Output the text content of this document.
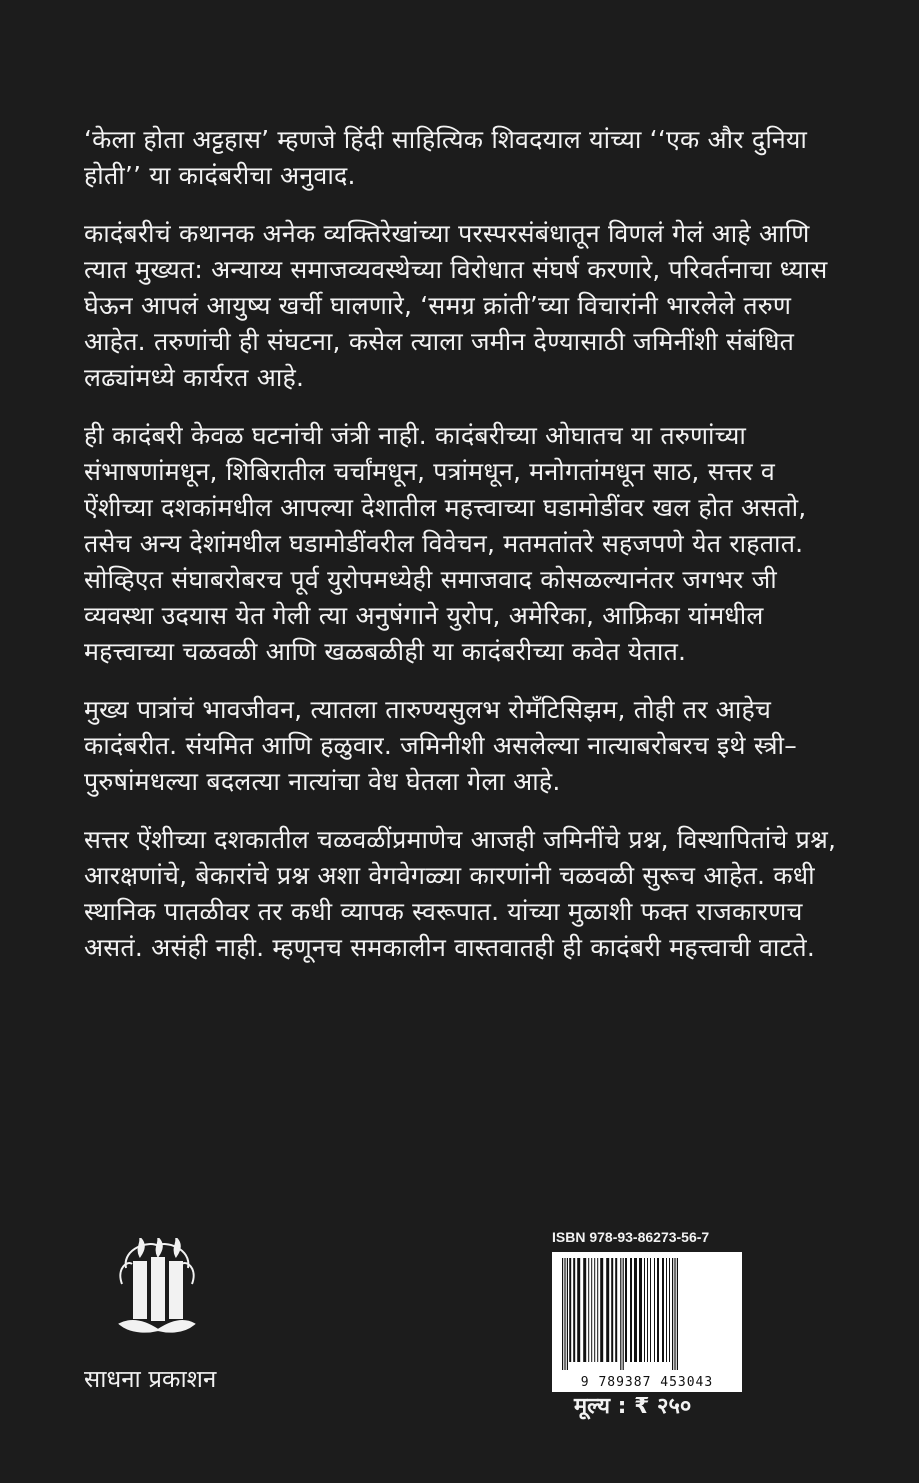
‘केला होता अट्टहास’ म्हणजे हिंदी साहित्यिक शिवदयाल यांच्या ‘‘एक और दुनिया होती’’ या कादंबरीचा अनुवाद.

कादंबरीचं कथानक अनेक व्यक्तिरेखांच्या परस्परसंबंधातून विणलं गेलं आहे आणि त्यात मुख्यत: अन्याय्य समाजव्यवस्थेच्या विरोधात संघर्ष करणारे, परिवर्तनाचा ध्यास घेऊन आपलं आयुष्य खर्ची घालणारे, ‘समग्र क्रांती’च्या विचारांनी भारलेले तरुण आहेत. तरुणांची ही संघटना, कसेल त्याला जमीन देण्यासाठी जमिनींशी संबंधित लढ्यांमध्ये कार्यरत आहे.

ही कादंबरी केवळ घटनांची जंत्री नाही. कादंबरीच्या ओघातच या तरुणांच्या संभाषणांमधून, शिबिरातील चर्चांमधून, पत्रांमधून, मनोगतांमधून साठ, सत्तर व ऐंशीच्या दशकांमधील आपल्या देशातील महत्त्वाच्या घडामोडींवर खल होत असतो, तसेच अन्य देशांमधील घडामोडींवरील विवेचन, मतमतांतरे सहजपणे येत राहतात. सोव्हिएत संघाबरोबरच पूर्व युरोपमध्येही समाजवाद कोसळल्यानंतर जगभर जी व्यवस्था उदयास येत गेली त्या अनुषंगाने युरोप, अमेरिका, आफ्रिका यांमधील महत्त्वाच्या चळवळी आणि खळबळीही या कादंबरीच्या कवेत येतात.

मुख्य पात्रांचं भावजीवन, त्यातला तारुण्यसुलभ रोमँटिसिझम, तोही तर आहेच कादंबरीत. संयमित आणि हळुवार. जमिनीशी असलेल्या नात्याबरोबरच इथे स्त्री–पुरुषांमधल्या बदलत्या नात्यांचा वेध घेतला गेला आहे.

सत्तर ऐंशीच्या दशकातील चळवळींप्रमाणेच आजही जमिनींचे प्रश्न, विस्थापितांचे प्रश्न, आरक्षणांचे, बेकारांचे प्रश्न अशा वेगवेगळ्या कारणांनी चळवळी सुरूच आहेत. कधी स्थानिक पातळीवर तर कधी व्यापक स्वरूपात. यांच्या मुळाशी फक्त राजकारणच असतं. असंही नाही. म्हणूनच समकालीन वास्तवातही ही कादंबरी महत्त्वाची वाटते.

साधना प्रकाशन
ISBN 978-93-86273-56-7
9 789387 453043
मूल्य : ₹ २५०
